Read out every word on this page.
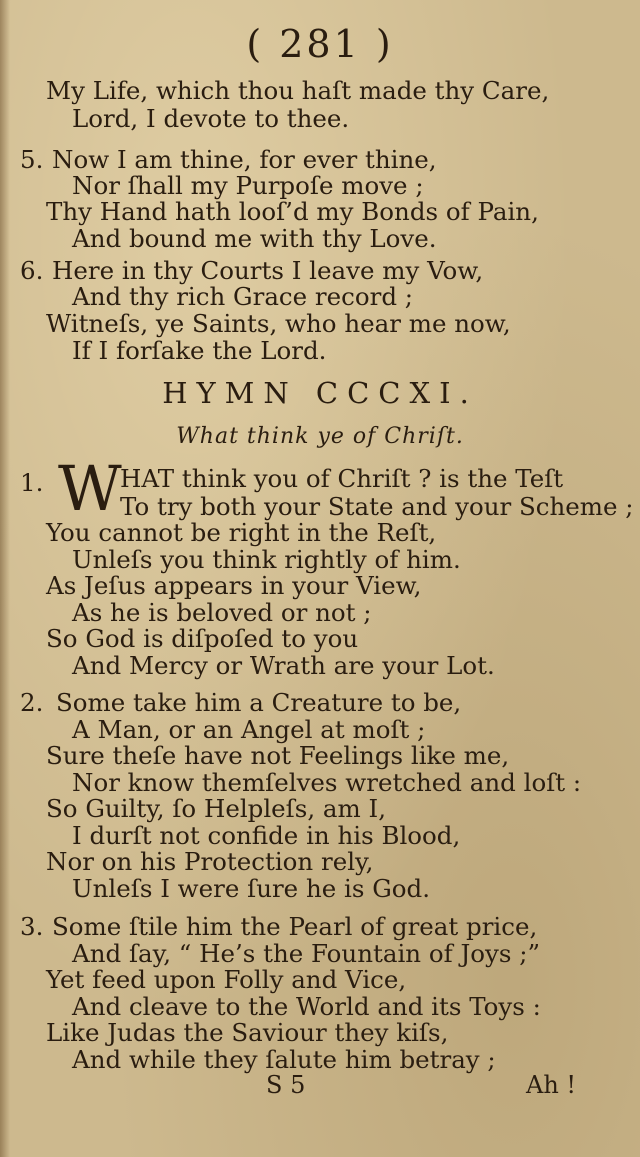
( 281 )
My Life, which thou haſt made thy Care,
Lord, I devote to thee.
5. Now I am thine, for ever thine,
Nor ſhall my Purpoſe move ;
Thy Hand hath looſ’d my Bonds of Pain,
And bound me with thy Love.
6. Here in thy Courts I leave my Vow,
And thy rich Grace record ;
Witneſs, ye Saints, who hear me now,
If I forſake the Lord.
HYMN CCCXI.
What think ye of Chriſt.
1. W
HAT think you of Chriſt ? is the Teſt
To try both your State and your Scheme ;
You cannot be right in the Reſt,
Unleſs you think rightly of him.
As Jeſus appears in your View,
As he is beloved or not ;
So God is diſpoſed to you
And Mercy or Wrath are your Lot.
2. Some take him a Creature to be,
A Man, or an Angel at moſt ;
Sure theſe have not Feelings like me,
Nor know themſelves wretched and loſt :
So Guilty, ſo Helpleſs, am I,
I durſt not confide in his Blood,
Nor on his Protection rely,
Unleſs I were ſure he is God.
3. Some ſtile him the Pearl of great price,
And ſay, “ He’s the Fountain of Joys ;”
Yet feed upon Folly and Vice,
And cleave to the World and its Toys :
Like Judas the Saviour they kiſs,
And while they ſalute him betray ;
S 5	Ah !
